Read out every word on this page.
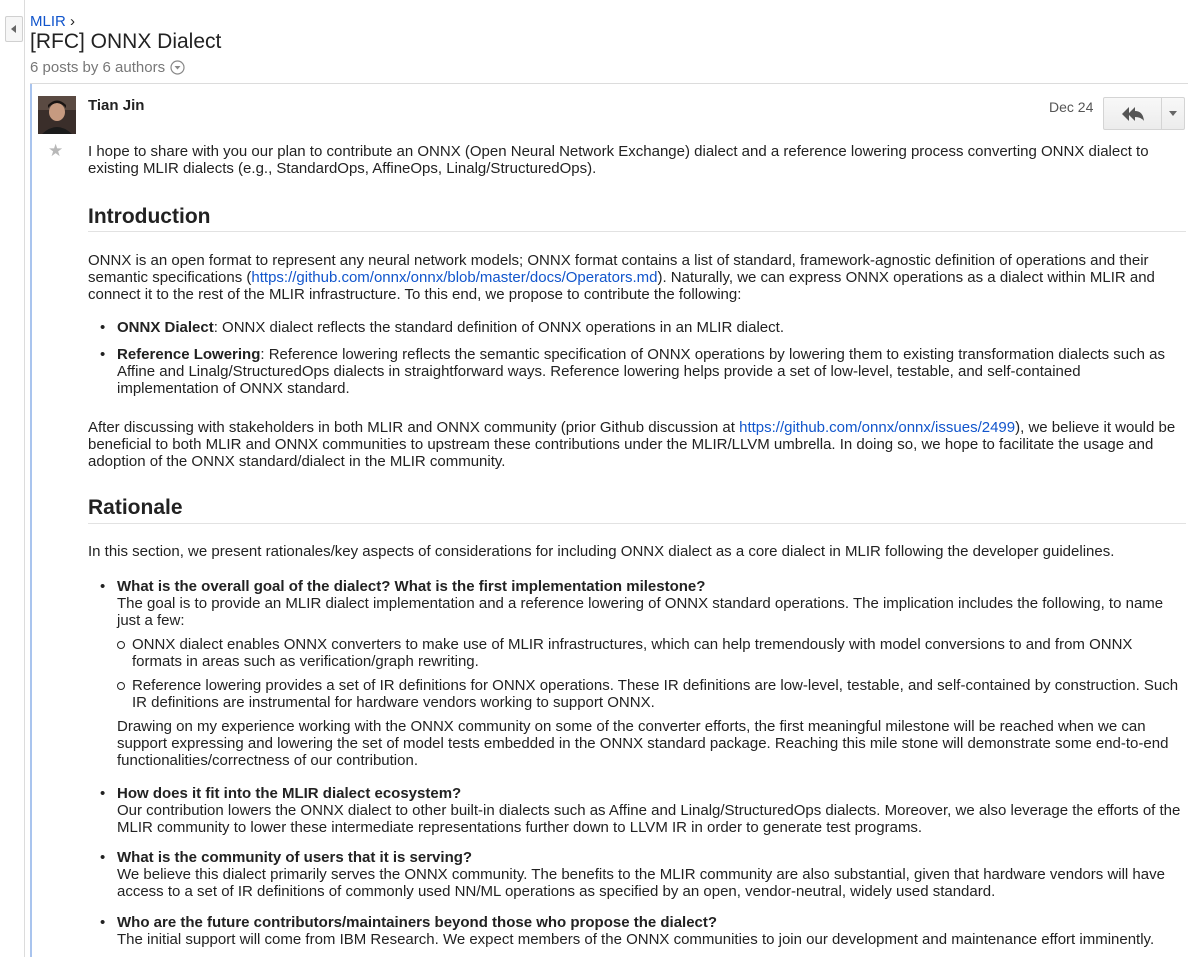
MLIR ›
[RFC] ONNX Dialect
6 posts by 6 authors
★
Tian Jin	Dec 24

I hope to share with you our plan to contribute an ONNX (Open Neural Network Exchange) dialect and a reference lowering process converting ONNX dialect to existing MLIR dialects (e.g., StandardOps, AffineOps, Linalg/StructuredOps).

Introduction

ONNX is an open format to represent any neural network models; ONNX format contains a list of standard, framework-agnostic definition of operations and their semantic specifications (https://github.com/onnx/onnx/blob/master/docs/Operators.md). Naturally, we can express ONNX operations as a dialect within MLIR and connect it to the rest of the MLIR infrastructure. To this end, we propose to contribute the following:

• ONNX Dialect: ONNX dialect reflects the standard definition of ONNX operations in an MLIR dialect.
• Reference Lowering: Reference lowering reflects the semantic specification of ONNX operations by lowering them to existing transformation dialects such as Affine and Linalg/StructuredOps dialects in straightforward ways. Reference lowering helps provide a set of low-level, testable, and self-contained implementation of ONNX standard.

After discussing with stakeholders in both MLIR and ONNX community (prior Github discussion at https://github.com/onnx/onnx/issues/2499), we believe it would be beneficial to both MLIR and ONNX communities to upstream these contributions under the MLIR/LLVM umbrella. In doing so, we hope to facilitate the usage and adoption of the ONNX standard/dialect in the MLIR community.

Rationale

In this section, we present rationales/key aspects of considerations for including ONNX dialect as a core dialect in MLIR following the developer guidelines.

• What is the overall goal of the dialect? What is the first implementation milestone?

The goal is to provide an MLIR dialect implementation and a reference lowering of ONNX standard operations. The implication includes the following, to name just a few:

ONNX dialect enables ONNX converters to make use of MLIR infrastructures, which can help tremendously with model conversions to and from ONNX formats in areas such as verification/graph rewriting.
Reference lowering provides a set of IR definitions for ONNX operations. These IR definitions are low-level, testable, and self-contained by construction. Such IR definitions are instrumental for hardware vendors working to support ONNX.

Drawing on my experience working with the ONNX community on some of the converter efforts, the first meaningful milestone will be reached when we can support expressing and lowering the set of model tests embedded in the ONNX standard package. Reaching this mile stone will demonstrate some end-to-end functionalities/correctness of our contribution.

• How does it fit into the MLIR dialect ecosystem?

Our contribution lowers the ONNX dialect to other built-in dialects such as Affine and Linalg/StructuredOps dialects. Moreover, we also leverage the efforts of the MLIR community to lower these intermediate representations further down to LLVM IR in order to generate test programs.

• What is the community of users that it is serving?

We believe this dialect primarily serves the ONNX community. The benefits to the MLIR community are also substantial, given that hardware vendors will have access to a set of IR definitions of commonly used NN/ML operations as specified by an open, vendor-neutral, widely used standard.

• Who are the future contributors/maintainers beyond those who propose the dialect?

The initial support will come from IBM Research. We expect members of the ONNX communities to join our development and maintenance effort imminently.
